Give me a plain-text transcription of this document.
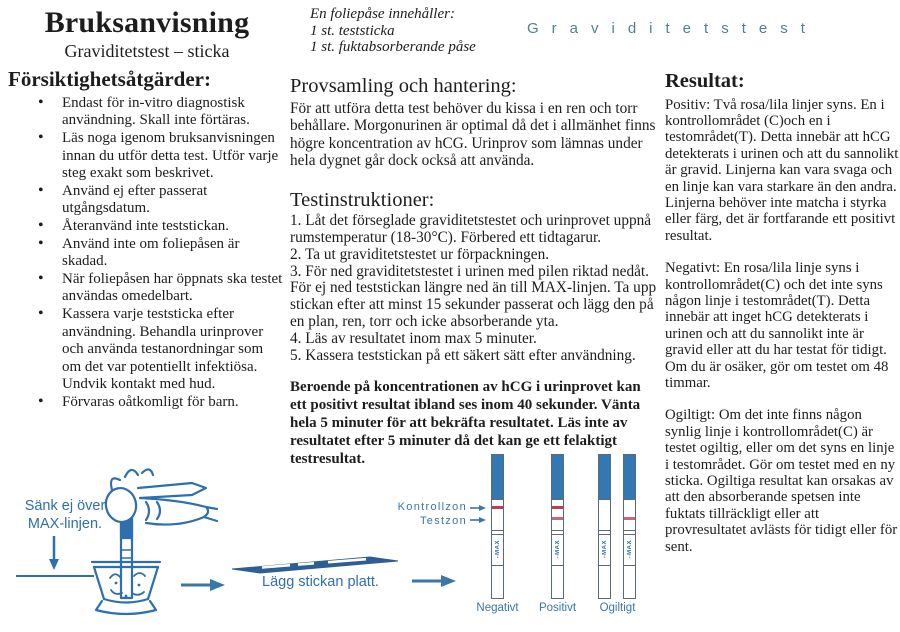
Bruksanvisning
Graviditetstest – sticka
Försiktighetsåtgärder:
• Endast för in-vitro diagnostisk användning. Skall inte förtäras.
• Läs noga igenom bruksanvisningen innan du utför detta test. Utför varje steg exakt som beskrivet.
• Använd ej efter passerat utgångsdatum.
• Återanvänd inte teststickan.
• Använd inte om foliepåsen är skadad.
• När foliepåsen har öppnats ska testet användas omedelbart.
• Kassera varje teststicka efter användning. Behandla urinprover och använda testanordningar som om det var potentiellt infektiösa. Undvik kontakt med hud.
• Förvaras oåtkomligt för barn.
En foliepåse innehåller:
1 st. teststicka
1 st. fuktabsorberande påse
Provsamling och hantering:

För att utföra detta test behöver du kissa i en ren och torr behållare. Morgonurinen är optimal då det i allmänhet finns högre koncentration av hCG. Urinprov som lämnas under hela dygnet går dock också att använda.

Testinstruktioner:

1. Låt det förseglade graviditetstestet och urinprovet uppnå rumstemperatur (18-30°C). Förbered ett tidtagarur.

2. Ta ut graviditetstestet ur förpackningen.

3. För ned graviditetstestet i urinen med pilen riktad nedåt. För ej ned teststickan längre ned än till MAX-linjen. Ta upp stickan efter att minst 15 sekunder passerat och lägg den på en plan, ren, torr och icke absorberande yta.

4. Läs av resultatet inom max 5 minuter.

5. Kassera teststickan på ett säkert sätt efter användning.

Beroende på koncentrationen av hCG i urinprovet kan ett positivt resultat ibland ses inom 40 sekunder. Vänta hela 5 minuter för att bekräfta resultatet. Läs inte av resultatet efter 5 minuter då det kan ge ett felaktigt testresultat.

Graviditetstest
Resultat:

Positiv: Två rosa/lila linjer syns. En i kontrollområdet (C)och en i testområdet(T). Detta innebär att hCG detekterats i urinen och att du sannolikt är gravid. Linjerna kan vara svaga och en linje kan vara starkare än den andra. Linjerna behöver inte matcha i styrka eller färg, det är fortfarande ett positivt resultat.

Negativt: En rosa/lila linje syns i kontrollområdet(C) och det inte syns någon linje i testområdet(T). Detta innebär att inget hCG detekterats i urinen och att du sannolikt inte är gravid eller att du har testat för tidigt. Om du är osäker, gör om testet om 48 timmar.

Ogiltigt: Om det inte finns någon synlig linje i kontrollområdet(C) är testet ogiltig, eller om det syns en linje i testområdet. Gör om testet med en ny sticka. Ogiltiga resultat kan orsakas av att den absorberande spetsen inte fuktats tillräckligt eller att provresultatet avlästs för tidigt eller för sent.

Sänk ej över MAX-linjen.
Lägg stickan platt.
Kontrollzon
Testzon
MAX
↓
MAX
↓
MAX
↓
MAX
↓
Negativt	Positivt	Ogiltigt
